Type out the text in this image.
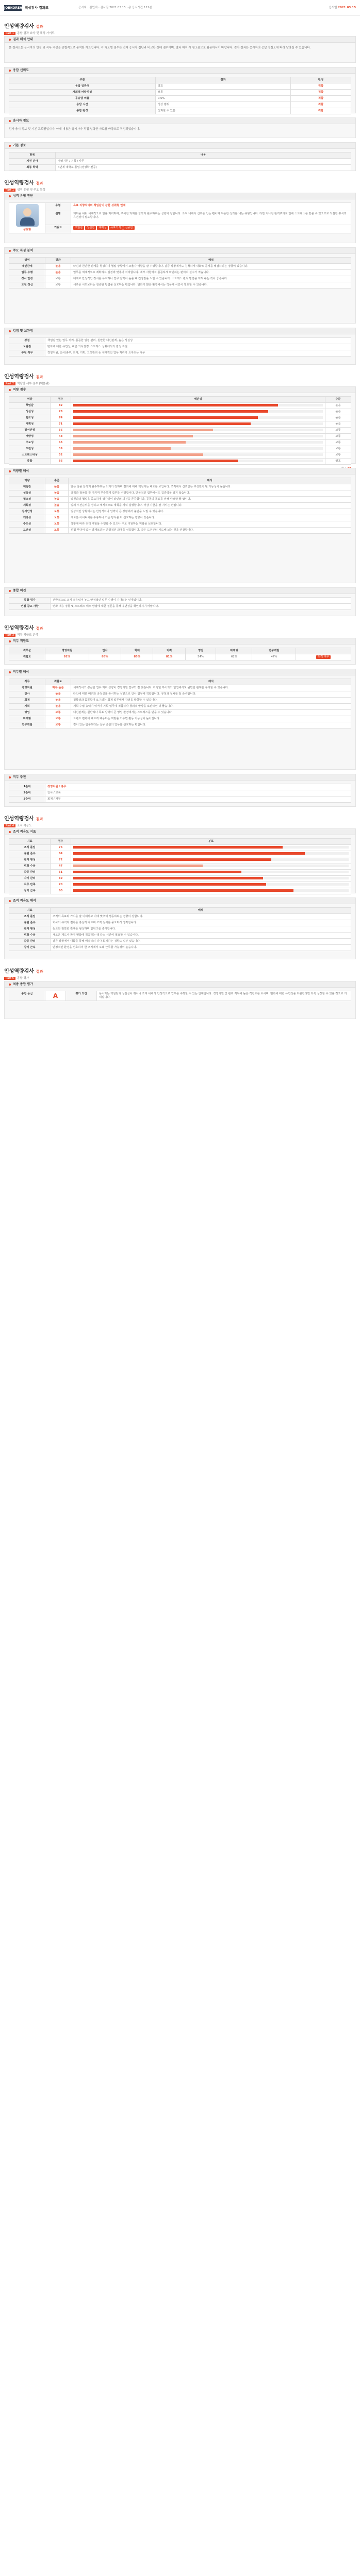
JOBKOREA 적성검사 결과표	응시자 : 김민지 · 검사일 2021.03.15 · 총 응시시간 112분	응시일 2021.03.15
인성역량검사 결과
Part 1 종합 결과 요약 및 해석 가이드
결과 해석 안내
본 결과표는 응시자의 인성 및 직무 적성을 종합적으로 분석한 자료입니다. 각 척도별 점수는 전체 응시자 집단과 비교한 상대 점수이며, 결과 해석 시 참고용으로 활용하시기 바랍니다. 검사 결과는 응시자의 응답 성실도에 따라 달라질 수 있습니다.
응답 신뢰도
구분	결과	판정
응답 일관성	양호	적합
사회적 바람직성	보통	적합
무응답 비율	0.5%	적합
응답 시간	정상 범위	적합
종합 판정	신뢰할 수 있음	적합
응시자 정보
검사 응시 정보 및 기본 프로필입니다. 아래 내용은 응시자가 직접 입력한 자료를 바탕으로 작성되었습니다.
기본 정보
항목	내용
지원 분야	경영지원 / 기획 / 사무
최종 학력	4년제 대학교 졸업 (경영학 전공)
인성역량검사 결과
Part 1 성격 유형 및 주요 특성
성격 유형 진단
성취형	유형	목표 지향적이며 책임감이 강한 성취형 인재
	설명	계획을 세워 체계적으로 일을 처리하며, 주어진 과제를 끝까지 완수하려는 성향이 강합니다. 조직 내에서 신뢰를 얻는 편이며 꾸준한 성과를 내는 유형입니다. 다만 지나친 완벽주의로 인해 스트레스를 받을 수 있으므로 적절한 휴식과 유연성이 필요합니다.
	키워드	책임감 성실함 계획성 목표의식 신중함
주요 특성 분석
영역	결과	해석
대인관계	높음	타인과 원만한 관계를 형성하며 협업 상황에서 조율자 역할을 잘 수행합니다. 갈등 상황에서도 침착하게 대화로 문제를 해결하려는 경향이 있습니다.
업무 수행	높음	업무를 체계적으로 계획하고 일정에 맞추어 처리합니다. 세부 사항까지 꼼꼼하게 확인하는 편이며 실수가 적습니다.
정서 안정	보통	대체로 안정적인 정서를 유지하나 업무 압박이 높을 때 긴장감을 느낄 수 있습니다. 스트레스 관리 방법을 익혀 두는 것이 좋습니다.
도전 정신	보통	새로운 시도보다는 검증된 방법을 선호하는 편입니다. 변화가 많은 환경에서는 적응에 시간이 필요할 수 있습니다.
강점 및 보완점
강점	책임감 있는 업무 처리, 꼼꼼한 일정 관리, 원만한 대인관계, 높은 성실성
보완점	변화에 대한 유연성, 빠른 의사결정, 스트레스 상황에서의 감정 조절
추천 직무	경영지원, 인사/총무, 회계, 기획, 고객관리 등 체계적인 업무 처리가 요구되는 직무
인성역량검사 결과
Part 2 역량별 세부 점수 (백분위)
역량 점수
역량	점수	백분위	수준
책임감	82		높음
성실성	78		높음
협조성	74		높음
계획성	71		높음
정서안정	56		보통
개방성	48		보통
주도성	45		보통
도전성	39		보통
스트레스내성	52		보통
종합	66		양호
역량별 해석
역량	수준	해석
책임감	높음	맡은 일을 끝까지 완수하려는 의지가 강하며 결과에 대해 책임지는 태도를 보입니다. 조직에서 신뢰받는 구성원이 될 가능성이 높습니다.
성실성	높음	규칙과 절차를 잘 지키며 꾸준하게 업무를 수행합니다. 반복적인 업무에서도 집중력을 잃지 않습니다.
협조성	높음	팀원과의 협업을 중요하게 생각하며 타인의 의견을 존중합니다. 공동의 목표를 위해 양보할 줄 압니다.
계획성	높음	일의 우선순위를 정하고 체계적으로 계획을 세워 실행합니다. 마감 기한을 잘 지키는 편입니다.
정서안정	보통	일상적인 상황에서는 안정적이나 압박이 큰 상황에서 불안을 느낄 수 있습니다.
개방성	보통	새로운 아이디어를 수용하나 기존 방식을 더 선호하는 경향이 있습니다.
주도성	보통	상황에 따라 리더 역할을 수행할 수 있으나 주로 지원하는 역할을 선호합니다.
도전성	보통	위험 부담이 있는 과제보다는 안정적인 과제를 선호합니다. 작은 도전부터 시도해 보는 것을 권장합니다.
종합 의견
종합 평가	전반적으로 조직 적응력이 높고 안정적인 업무 수행이 기대되는 인재입니다.
면접 참고 사항	변화 대응 경험 및 스트레스 해소 방법에 대한 질문을 통해 유연성을 확인하시기 바랍니다.
인성역량검사 결과
Part 3 직무 적합도 분석
직무 적합도
직무군	경영지원	인사	회계	기획	영업	마케팅	연구개발	
적합도	92%	88%	85%	81%	54%	62%	47%	최적 직무
직무별 해석
직무	적합도	해석
경영지원	매우 높음	체계적이고 꼼꼼한 업무 처리 성향이 경영지원 업무와 잘 맞습니다. 다양한 부서와의 협업에서도 원만한 관계를 유지할 수 있습니다.
인사	높음	타인에 대한 배려와 공정성을 중시하는 성향으로 인사 업무에 적합합니다. 규정과 절차를 잘 준수합니다.
회계	높음	정확성과 꼼꼼함이 요구되는 회계 업무에서 강점을 발휘할 수 있습니다.
기획	높음	계획 수립 능력이 뛰어나 기획 업무에 적합하나 창의적 발상을 보완하면 더 좋습니다.
영업	보통	대인관계는 원만하나 목표 압박이 큰 영업 환경에서는 스트레스를 받을 수 있습니다.
마케팅	보통	트렌드 변화에 빠르게 대응하는 역량을 키우면 활동 가능성이 높아집니다.
연구개발	보통	깊이 있는 탐구보다는 실무 중심의 업무를 선호하는 편입니다.
직무 추천
1순위	경영지원 / 총무
2순위	인사 / 교육
3순위	회계 / 재무
인성역량검사 결과
Part 4 조직 적응도
조직 적응도 지표
지표	점수	분포
조직 몰입	76	

규범 준수	84	

관계 형성	72	

변화 수용	47	

갈등 관리	61	

자기 관리	69	

직무 만족	70	

장기 근속	80	
조직 적응도 해석
지표	해석
조직 몰입	조직의 목표와 가치를 잘 이해하고 이에 맞추어 행동하려는 경향이 강합니다.
규범 준수	회사의 규칙과 절차를 충실히 따르며 조직 질서를 중요하게 생각합니다.
관계 형성	동료와 원만한 관계를 형성하며 팀워크를 중시합니다.
변화 수용	새로운 제도나 환경 변화에 적응하는 데 다소 시간이 필요할 수 있습니다.
갈등 관리	갈등 상황에서 대화를 통해 해결하려 하나 회피하는 경향도 일부 있습니다.
장기 근속	안정적인 환경을 선호하여 한 조직에서 오래 근무할 가능성이 높습니다.
인성역량검사 결과
Part 5 종합 평가
최종 종합 평가
종합 등급	A	평가 의견	응시자는 책임감과 성실성이 뛰어나 조직 내에서 안정적으로 업무를 수행할 수 있는 인재입니다. 경영지원 및 관리 직무에 높은 적합도를 보이며, 변화에 대한 유연성을 보완한다면 더욱 성장할 수 있을 것으로 기대됩니다.
